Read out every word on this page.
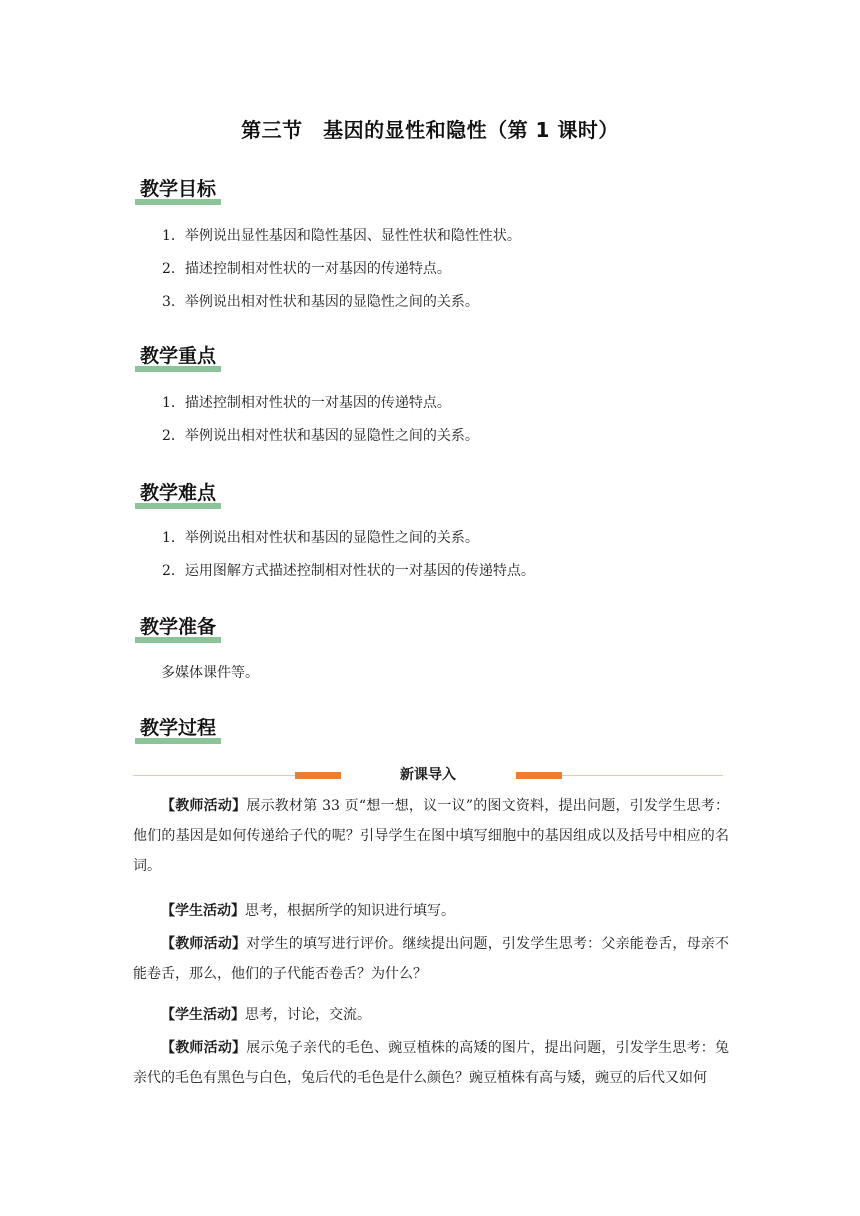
第三节　基因的显性和隐性（第 1 课时）
教学目标
1．举例说出显性基因和隐性基因、显性性状和隐性性状。
2．描述控制相对性状的一对基因的传递特点。
3．举例说出相对性状和基因的显隐性之间的关系。
教学重点
1．描述控制相对性状的一对基因的传递特点。
2．举例说出相对性状和基因的显隐性之间的关系。
教学难点
1．举例说出相对性状和基因的显隐性之间的关系。
2．运用图解方式描述控制相对性状的一对基因的传递特点。
教学准备

多媒体课件等。

教学过程
新课导入

【教师活动】展示教材第 33 页“想一想，议一议”的图文资料，提出问题，引发学生思考：他们的基因是如何传递给子代的呢？引导学生在图中填写细胞中的基因组成以及括号中相应的名词。

【学生活动】思考，根据所学的知识进行填写。

【教师活动】对学生的填写进行评价。继续提出问题，引发学生思考：父亲能卷舌，母亲不能卷舌，那么，他们的子代能否卷舌？为什么？

【学生活动】思考，讨论，交流。

【教师活动】展示兔子亲代的毛色、豌豆植株的高矮的图片，提出问题，引发学生思考：兔亲代的毛色有黑色与白色，兔后代的毛色是什么颜色？豌豆植株有高与矮，豌豆的后代又如何
